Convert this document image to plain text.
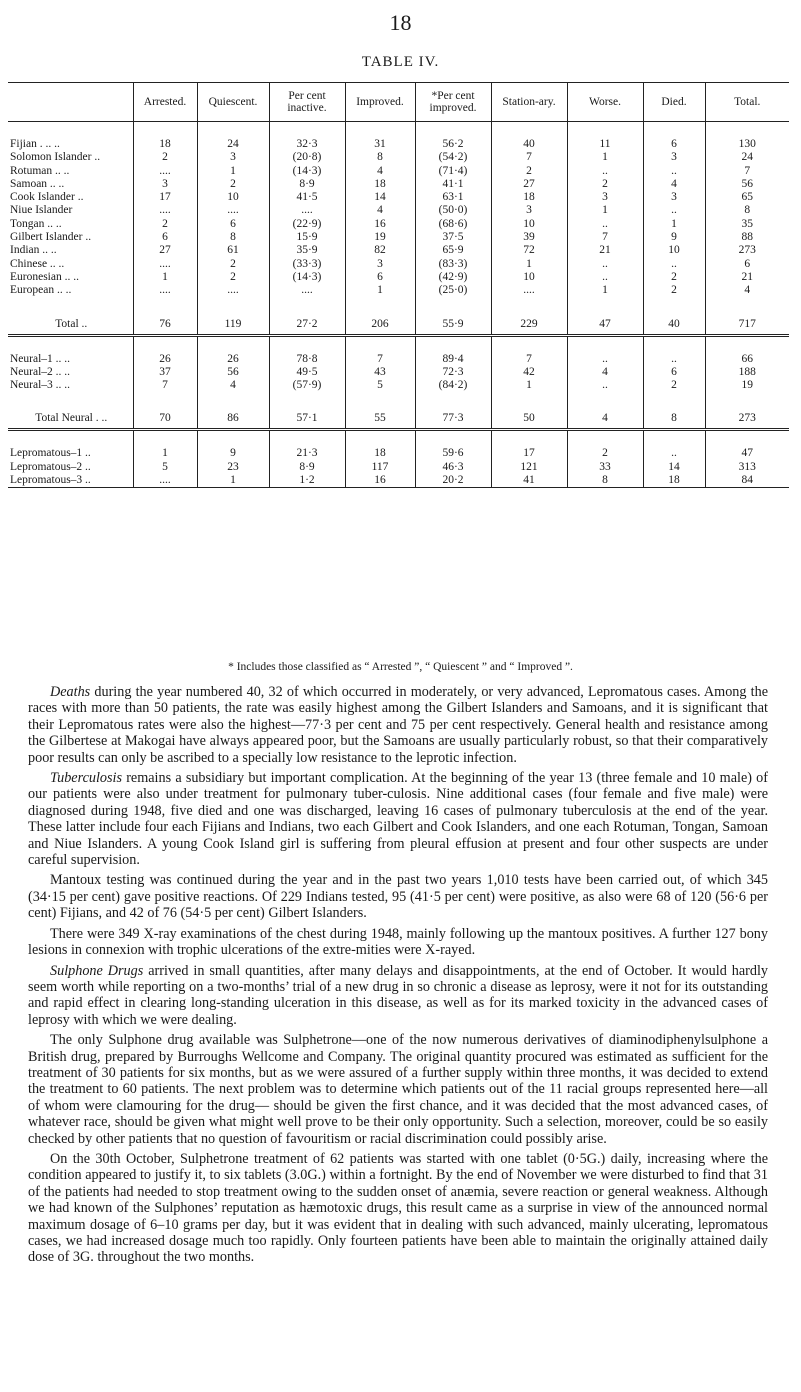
18
TABLE IV.
	Arrested.	Quiescent.	Per cent inactive.	Improved.	*Per cent improved.	Station-ary.	Worse.	Died.	Total.

Fijian . .. ..	18	24	32·3	31	56·2	40	11	6	130
Solomon Islander ..	2	3	(20·8)	8	(54·2)	7	1	3	24
Rotuman .. ..	....	1	(14·3)	4	(71·4)	2	..	..	7
Samoan .. ..	3	2	8·9	18	41·1	27	2	4	56
Cook Islander ..	17	10	41·5	14	63·1	18	3	3	65
Niue Islander	....	....	....	4	(50·0)	3	1	..	8
Tongan .. ..	2	6	(22·9)	16	(68·6)	10	..	1	35
Gilbert Islander ..	6	8	15·9	19	37·5	39	7	9	88
Indian .. ..	27	61	35·9	82	65·9	72	21	10	273
Chinese .. ..	....	2	(33·3)	3	(83·3)	1	..	..	6
Euronesian .. ..	1	2	(14·3)	6	(42·9)	10	..	2	21
European .. ..	....	....	....	1	(25·0)	....	1	2	4

Total ..	76	119	27·2	206	55·9	229	47	40	717

Neural–1 .. ..	26	26	78·8	7	89·4	7	..	..	66
Neural–2 .. ..	37	56	49·5	43	72·3	42	4	6	188
Neural–3 .. ..	7	4	(57·9)	5	(84·2)	1	..	2	19

Total Neural . ..	70	86	57·1	55	77·3	50	4	8	273

Lepromatous–1 ..	1	9	21·3	18	59·6	17	2	..	47
Lepromatous–2 ..	5	23	8·9	117	46·3	121	33	14	313
Lepromatous–3 ..	....	1	1·2	16	20·2	41	8	18	84
* Includes those classified as “ Arrested ”, “ Quiescent ” and “ Improved ”.

Deaths during the year numbered 40, 32 of which occurred in moderately, or very advanced, Lepromatous cases. Among the races with more than 50 patients, the rate was easily highest among the Gilbert Islanders and Samoans, and it is significant that their Lepromatous rates were also the highest—77·3 per cent and 75 per cent respectively. General health and resistance among the Gilbertese at Makogai have always appeared poor, but the Samoans are usually particularly robust, so that their comparatively poor results can only be ascribed to a specially low resistance to the leprotic infection.

Tuberculosis remains a subsidiary but important complication. At the beginning of the year 13 (three female and 10 male) of our patients were also under treatment for pulmonary tuber-culosis. Nine additional cases (four female and five male) were diagnosed during 1948, five died and one was discharged, leaving 16 cases of pulmonary tuberculosis at the end of the year. These latter include four each Fijians and Indians, two each Gilbert and Cook Islanders, and one each Rotuman, Tongan, Samoan and Niue Islanders. A young Cook Island girl is suffering from pleural effusion at present and four other suspects are under careful supervision.

Mantoux testing was continued during the year and in the past two years 1,010 tests have been carried out, of which 345 (34·15 per cent) gave positive reactions. Of 229 Indians tested, 95 (41·5 per cent) were positive, as also were 68 of 120 (56·6 per cent) Fijians, and 42 of 76 (54·5 per cent) Gilbert Islanders.

There were 349 X-ray examinations of the chest during 1948, mainly following up the mantoux positives. A further 127 bony lesions in connexion with trophic ulcerations of the extre-mities were X-rayed.

Sulphone Drugs arrived in small quantities, after many delays and disappointments, at the end of October. It would hardly seem worth while reporting on a two-months’ trial of a new drug in so chronic a disease as leprosy, were it not for its outstanding and rapid effect in clearing long-standing ulceration in this disease, as well as for its marked toxicity in the advanced cases of leprosy with which we were dealing.

The only Sulphone drug available was Sulphetrone—one of the now numerous derivatives of diaminodiphenylsulphone a British drug, prepared by Burroughs Wellcome and Company. The original quantity procured was estimated as sufficient for the treatment of 30 patients for six months, but as we were assured of a further supply within three months, it was decided to extend the treatment to 60 patients. The next problem was to determine which patients out of the 11 racial groups represented here—all of whom were clamouring for the drug— should be given the first chance, and it was decided that the most advanced cases, of whatever race, should be given what might well prove to be their only opportunity. Such a selection, moreover, could be so easily checked by other patients that no question of favouritism or racial discrimination could possibly arise.

On the 30th October, Sulphetrone treatment of 62 patients was started with one tablet (0·5G.) daily, increasing where the condition appeared to justify it, to six tablets (3.0G.) within a fortnight. By the end of November we were disturbed to find that 31 of the patients had needed to stop treatment owing to the sudden onset of anæmia, severe reaction or general weakness. Although we had known of the Sulphones’ reputation as hæmotoxic drugs, this result came as a surprise in view of the announced normal maximum dosage of 6–10 grams per day, but it was evident that in dealing with such advanced, mainly ulcerating, lepromatous cases, we had increased dosage much too rapidly. Only fourteen patients have been able to maintain the originally attained daily dose of 3G. throughout the two months.
